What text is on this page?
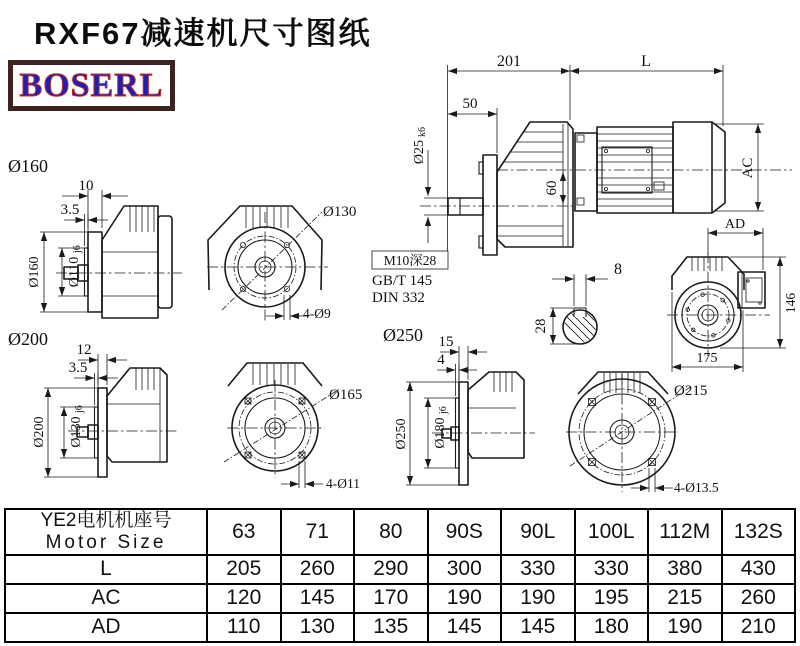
RXF67减速机尺寸图纸
BOSERL
Ø160
10
3.5
Ø160 Ø110
j6
Ø130
4-Ø9
60
201	L
50
Ø25
k6
M10深28
GB/T 145
DIN 332
AC
8
28
AD
146
175
Ø200
12
3.5
Ø200 Ø130
j6
Ø165
4-Ø11
Ø250 15
4
Ø250 Ø180
j6
Ø215
4-Ø13.5
YE2电机机座号
Motor Size	63	71	80	90S	90L	100L	112M	132S
L	205	260	290	300	330	330	380	430
AC	120	145	170	190	190	195	215	260
AD	110	130	135	145	145	180	190	210
